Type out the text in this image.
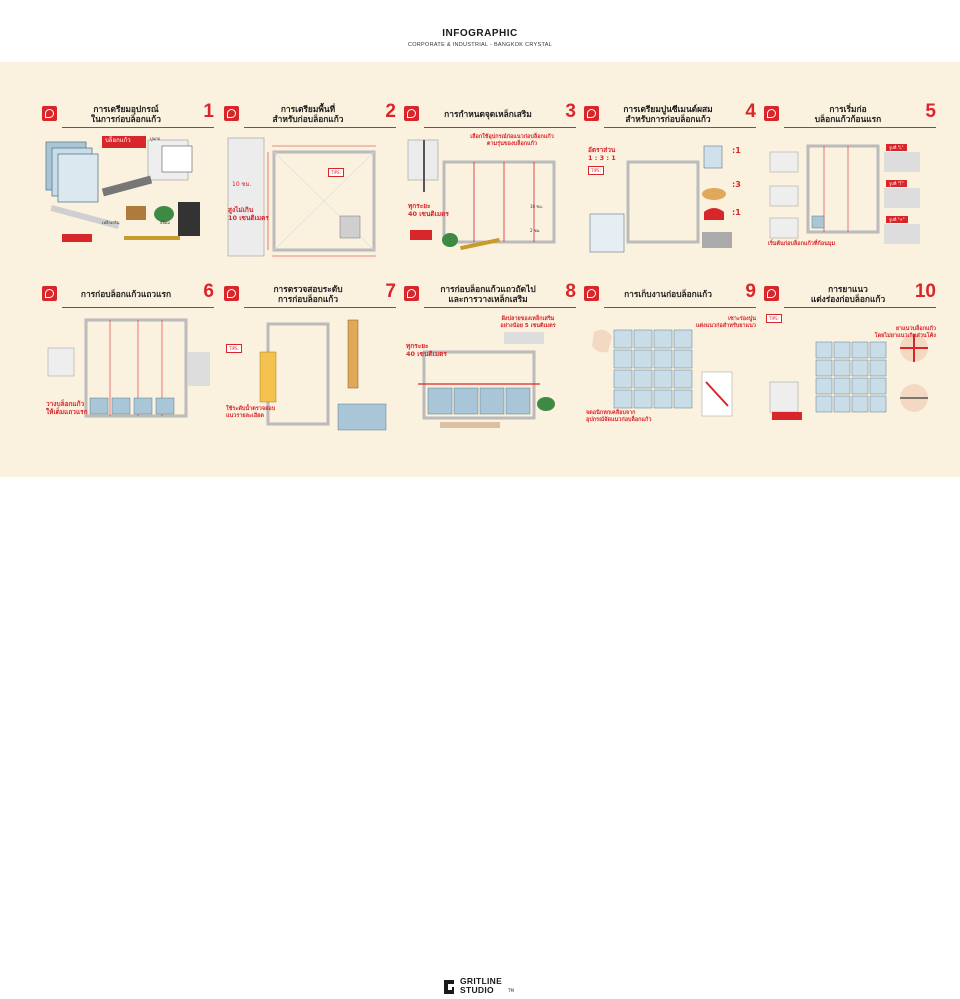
INFOGRAPHIC
CORPORATE & INDUSTRIAL - BANGKOK CRYSTAL
การเตรียมอุปกรณ์
ในการก่อบล็อกแก้ว	1
บล็อกแก้ว	ปูนก่อ
เหล็กเสริม	สีย้อม
การเตรียมพื้นที่
สำหรับก่อบล็อกแก้ว	2
TIPS:
สูงไม่เกิน
10 เซนติเมตร
10 ซม.
การกำหนดจุดเหล็กเสริม	3
เลือกใช้อุปกรณ์ก่อแนวก่อบล็อกแก้ว
ตามรุ่นของบล็อกแก้ว
ทุกระยะ
40 เซนติเมตร
10 ซม.
2 ซม.
การเตรียมปูนซีเมนต์ผสม
สำหรับการก่อบล็อกแก้ว	4
อัตราส่วน
1 : 3 : 1
:1
:3
:1
TIPS:
การเริ่มก่อ
บล็อกแก้วก้อนแรก	5
เริ่มต้นก่อบล็อกแก้วที่ก้อนมุม
รูปที่ "L"
รูปที่ "T"
รูปที่ "+"
การก่อบล็อกแก้วแถวแรก	6
วางบล็อกแก้ว
ให้เต็มแถวแรก
การตรวจสอบระดับ
การก่อบล็อกแก้ว	7
TIPS:
ใช้ระดับน้ำตรวจสอบ
แนวรายละเอียด
การก่อบล็อกแก้วแถวถัดไป
และการวางเหล็กเสริม	8
ฝังปลายของเหล็กเสริม
อย่างน้อย 5 เซนติเมตร
ทุกระยะ
40 เซนติเมตร
การเก็บงานก่อบล็อกแก้ว	9
เซาะร่องปูน
แต่งแนวก่อสำหรับยาแนว
จดอนิกหกเคลือบจาก
อุปกรณ์จัดแนวก่อบล็อกแก้ว
การยาแนว
แต่งร่องก่อบล็อกแก้ว	10
TIPS:
ยาแนวบล็อกแก้ว
โดยไม่ยาแนวเกินส่วนโค้ง
GRITLINE
STUDIO	TM
